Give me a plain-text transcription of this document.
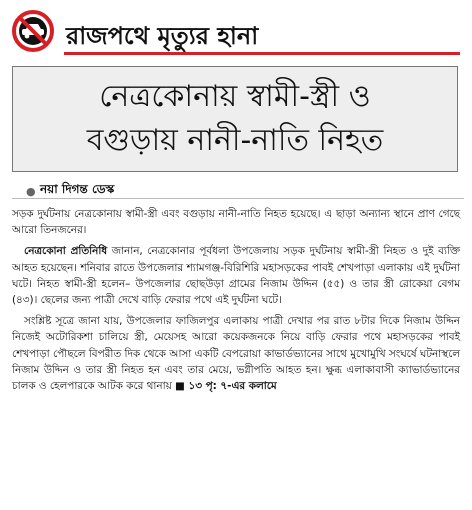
রাজপথে মৃত্যুর হানা
নেত্রকোনায় স্বামী-স্ত্রী ও
বগুড়ায় নানী-নাতি নিহত
● নয়া দিগন্ত ডেস্ক

সড়ক দুর্ঘটনায় নেত্রকোনায় স্বামী-স্ত্রী এবং বগুড়ায় নানী-নাতি নিহত হয়েছে। এ ছাড়া অন্যান্য স্থানে প্রাণ গেছে আরো তিনজনের।

নেত্রকোনা প্রতিনিধি জানান, নেত্রকোনার পূর্বধলা উপজেলায় সড়ক দুর্ঘটনায় স্বামী-স্ত্রী নিহত ও দুই ব্যক্তি আহত হয়েছেন। শনিবার রাতে উপজেলার শ্যামগঞ্জ-বিরিশিরি মহাসড়কের পাবই শেখপাড়া এলাকায় এই দুর্ঘটনা ঘটে। নিহত স্বামী-স্ত্রী হলেন– উপজেলার ছোছউড়া গ্রামের নিজাম উদ্দিন (৫৫) ও তার স্ত্রী রোকেয়া বেগম (৪৩)। ছেলের জন্য পাত্রী দেখে বাড়ি ফেরার পথে এই দুর্ঘটনা ঘটে।

সংশ্লিষ্ট সূত্রে জানা যায়, উপজেলার ফাজিলপুর এলাকায় পাত্রী দেখার পর রাত ৮টার দিকে নিজাম উদ্দিন নিজেই অটোরিকশা চালিয়ে স্ত্রী, মেয়েসহ আরো কয়েকজনকে নিয়ে বাড়ি ফেরার পথে মহাসড়কের পাবই শেখপাড়া পৌছলে বিপরীত দিক থেকে আসা একটি বেপরোয়া কাভার্ডভ্যানের সাথে মুখোমুখি সংঘর্ষে ঘটনাস্থলে নিজাম উদ্দিন ও তার স্ত্রী নিহত হন এবং তার মেয়ে, ভগ্নীপতি আহত হন। ক্ষুব্ধ এলাকাবাসী ক্যাভার্ডভ্যানের চালক ও হেলপারকে আটক করে থানায় ■ ১৩ পৃ: ৭-এর কলামে
